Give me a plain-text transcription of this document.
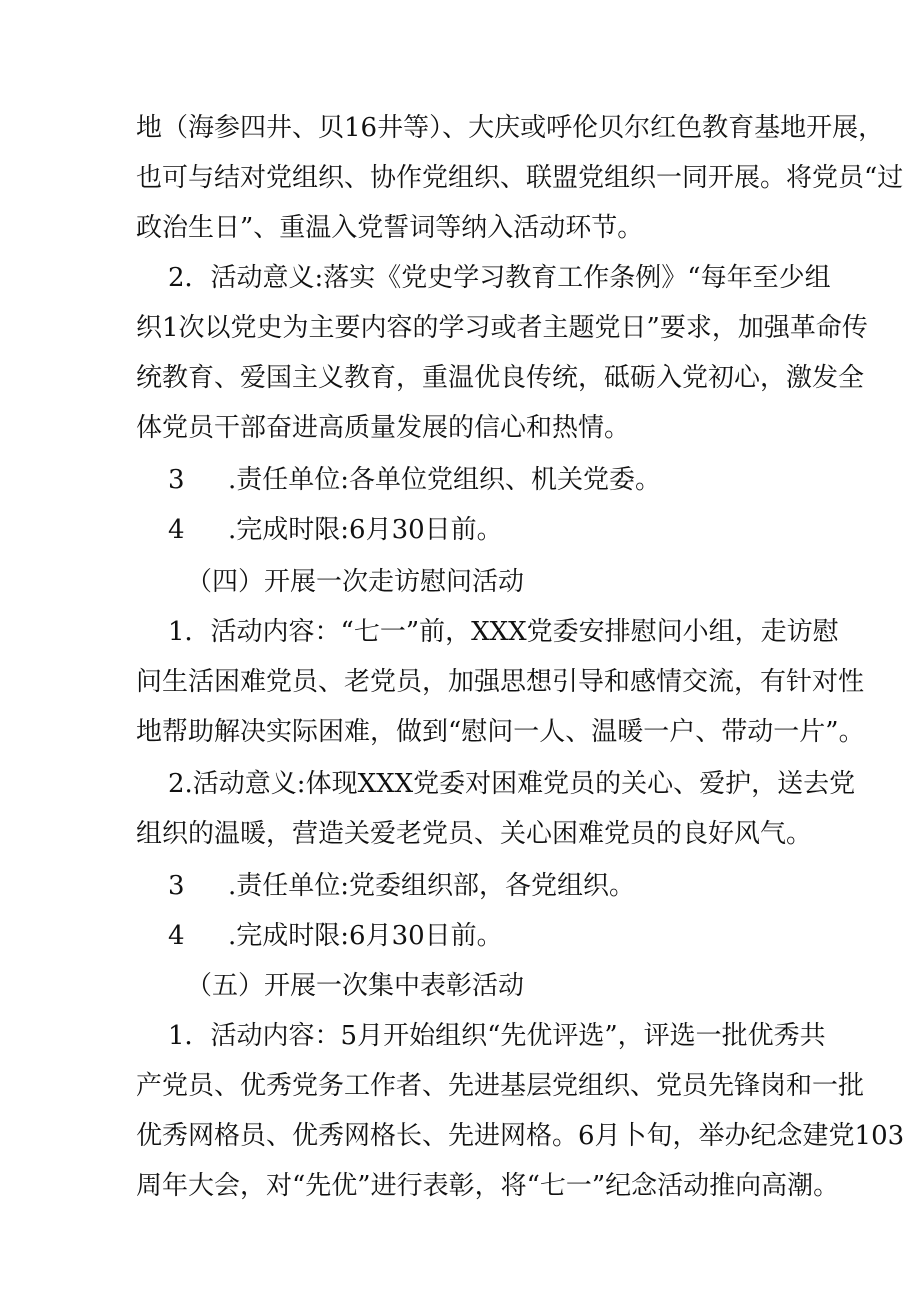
地（海参四井、贝16井等）、大庆或呼伦贝尔红色教育基地开展，
也可与结对党组织、协作党组织、联盟党组织一同开展。将党员“过
政治生日”、重温入党誓词等纳入活动环节。
2．活动意义:落实《党史学习教育工作条例》“每年至少组
织1次以党史为主要内容的学习或者主题党日”要求，加强革命传
统教育、爱国主义教育，重温优良传统，砥砺入党初心，激发全
体党员干部奋进高质量发展的信心和热情。
3 .责任单位:各单位党组织、机关党委。
4 .完成时限:6月30日前。
（四）开展一次走访慰问活动
1．活动内容：“七一”前，XXX党委安排慰问小组，走访慰
问生活困难党员、老党员，加强思想引导和感情交流，有针对性
地帮助解决实际困难，做到“慰问一人、温暖一户、带动一片”。
2.活动意义:体现XXX党委对困难党员的关心、爱护，送去党
组织的温暖，营造关爱老党员、关心困难党员的良好风气。
3 .责任单位:党委组织部，各党组织。
4 .完成时限:6月30日前。
（五）开展一次集中表彰活动
1．活动内容：5月开始组织“先优评选”，评选一批优秀共
产党员、优秀党务工作者、先进基层党组织、党员先锋岗和一批
优秀网格员、优秀网格长、先进网格。6月卜旬，举办纪念建党103
周年大会，对“先优”进行表彰，将“七一”纪念活动推向高潮。
